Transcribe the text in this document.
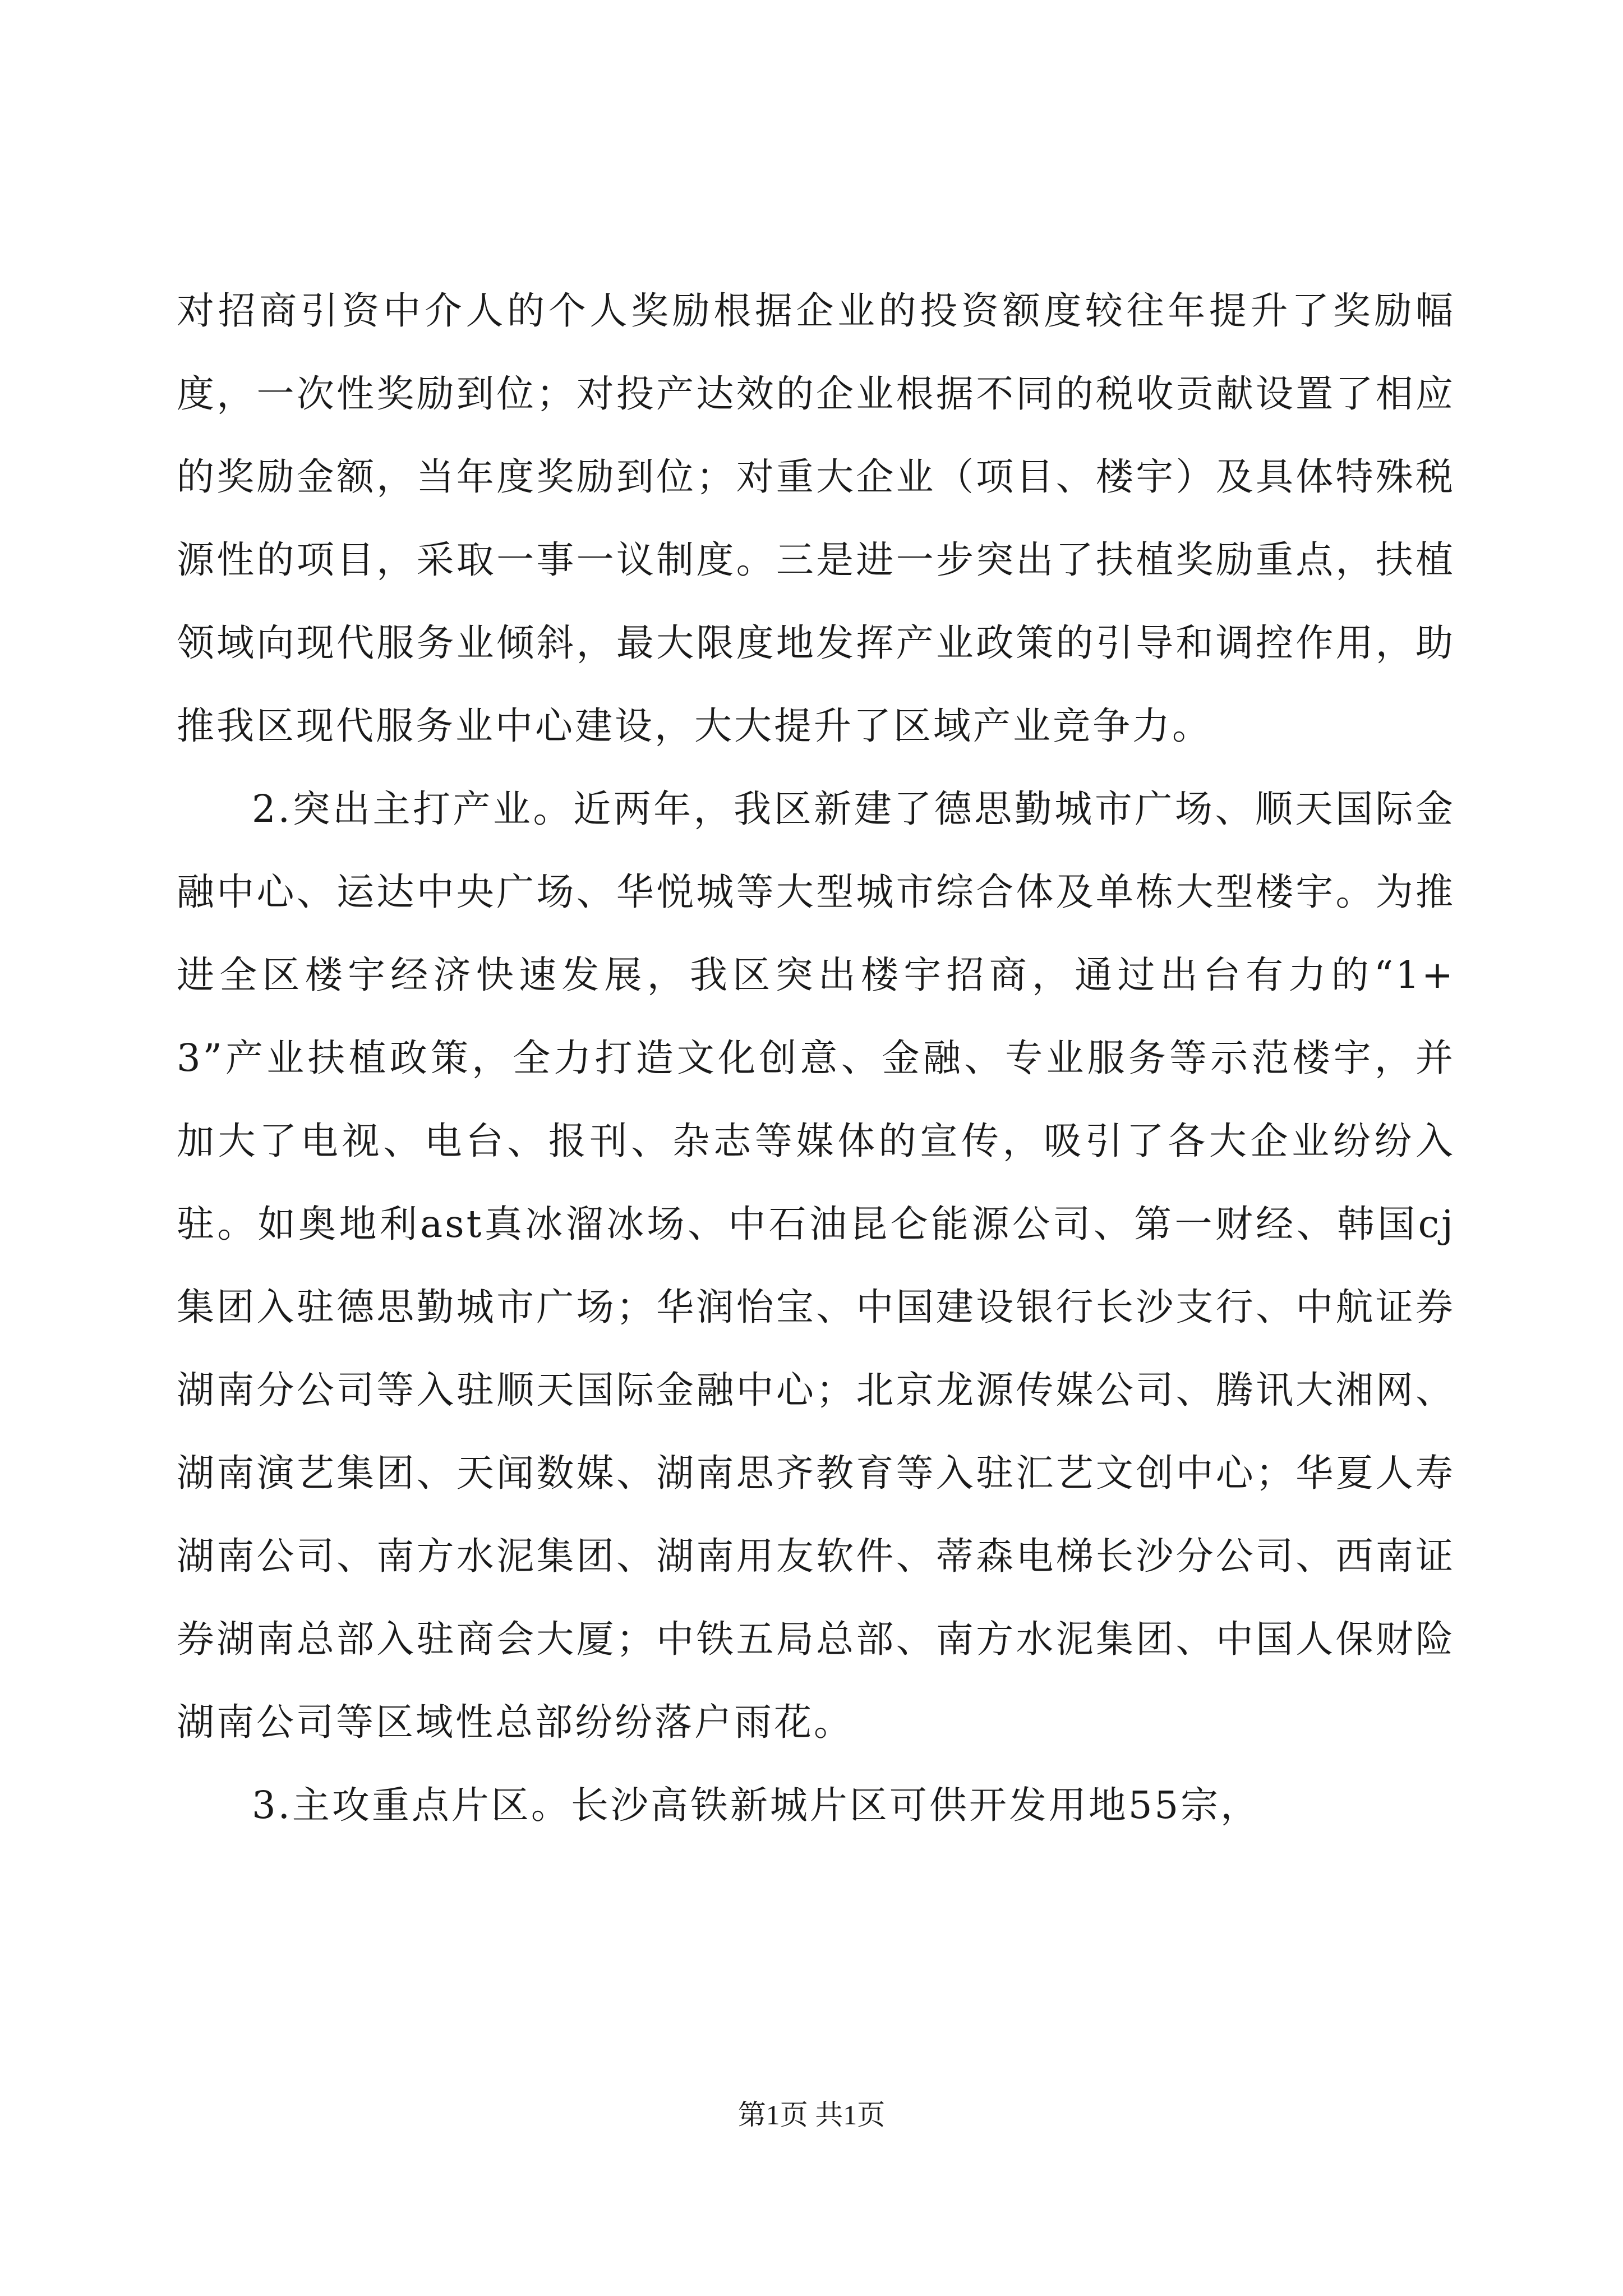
对招商引资中介人的个人奖励根据企业的投资额度较往年提升了奖励幅度，一次性奖励到位；对投产达效的企业根据不同的税收贡献设置了相应的奖励金额，当年度奖励到位；对重大企业（项目、楼宇）及具体特殊税源性的项目，采取一事一议制度。三是进一步突出了扶植奖励重点，扶植领域向现代服务业倾斜，最大限度地发挥产业政策的引导和调控作用，助推我区现代服务业中心建设，大大提升了区域产业竞争力。

2.突出主打产业。近两年，我区新建了德思勤城市广场、顺天国际金融中心、运达中央广场、华悦城等大型城市综合体及单栋大型楼宇。为推进全区楼宇经济快速发展，我区突出楼宇招商，通过出台有力的“1+3”产业扶植政策，全力打造文化创意、金融、专业服务等示范楼宇，并加大了电视、电台、报刊、杂志等媒体的宣传，吸引了各大企业纷纷入驻。如奥地利ast真冰溜冰场、中石油昆仑能源公司、第一财经、韩国cj集团入驻德思勤城市广场；华润怡宝、中国建设银行长沙支行、中航证券湖南分公司等入驻顺天国际金融中心；北京龙源传媒公司、腾讯大湘网、湖南演艺集团、天闻数媒、湖南思齐教育等入驻汇艺文创中心；华夏人寿湖南公司、南方水泥集团、湖南用友软件、蒂森电梯长沙分公司、西南证券湖南总部入驻商会大厦；中铁五局总部、南方水泥集团、中国人保财险湖南公司等区域性总部纷纷落户雨花。

3.主攻重点片区。长沙高铁新城片区可供开发用地55宗，

第1页 共1页
